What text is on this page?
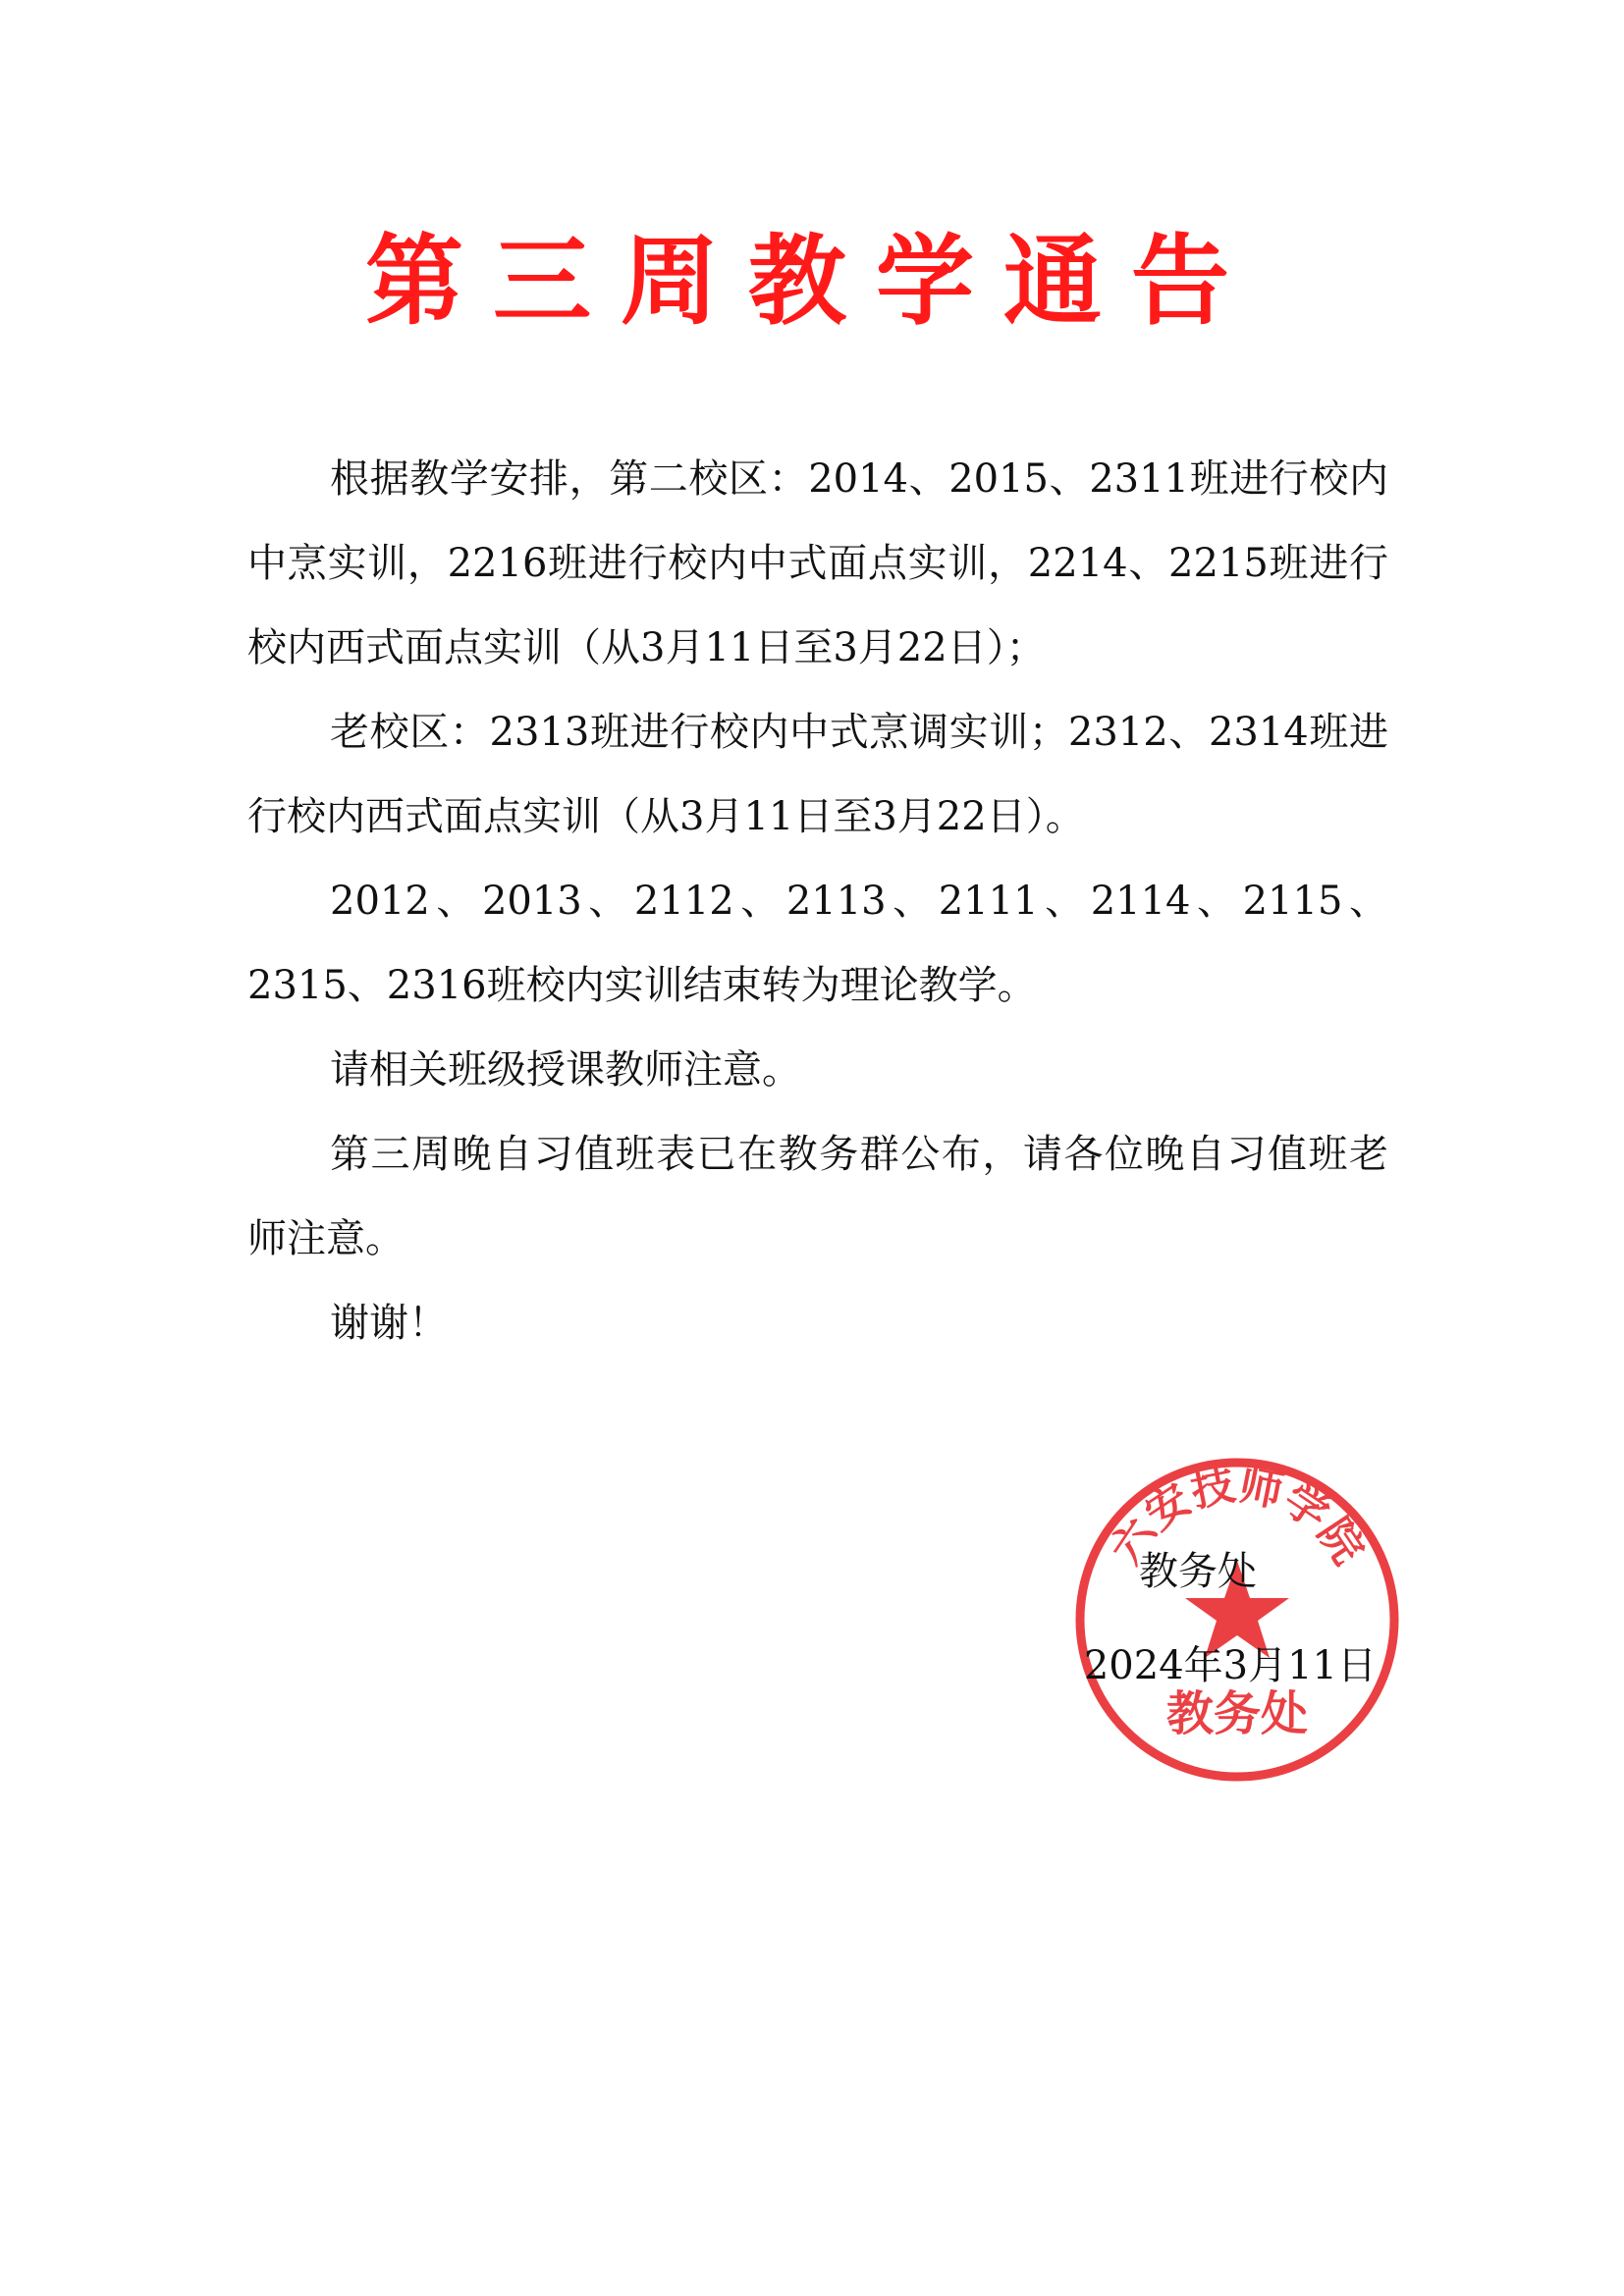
第三周教学通告

根据教学安排，第二校区：2014、2015、2311班进行校内中烹实训，2216班进行校内中式面点实训，2214、2215班进行校内西式面点实训（从3月11日至3月22日）；

老校区：2313班进行校内中式烹调实训；2312、2314班进行校内西式面点实训（从3月11日至3月22日）。

2012、2013、2112、2113、2111、2114、2115、2315、2316班校内实训结束转为理论教学。

请相关班级授课教师注意。

第三周晚自习值班表已在教务群公布，请各位晚自习值班老师注意。

谢谢！

六安技师学院
教务处
教务处
2024年3月11日
